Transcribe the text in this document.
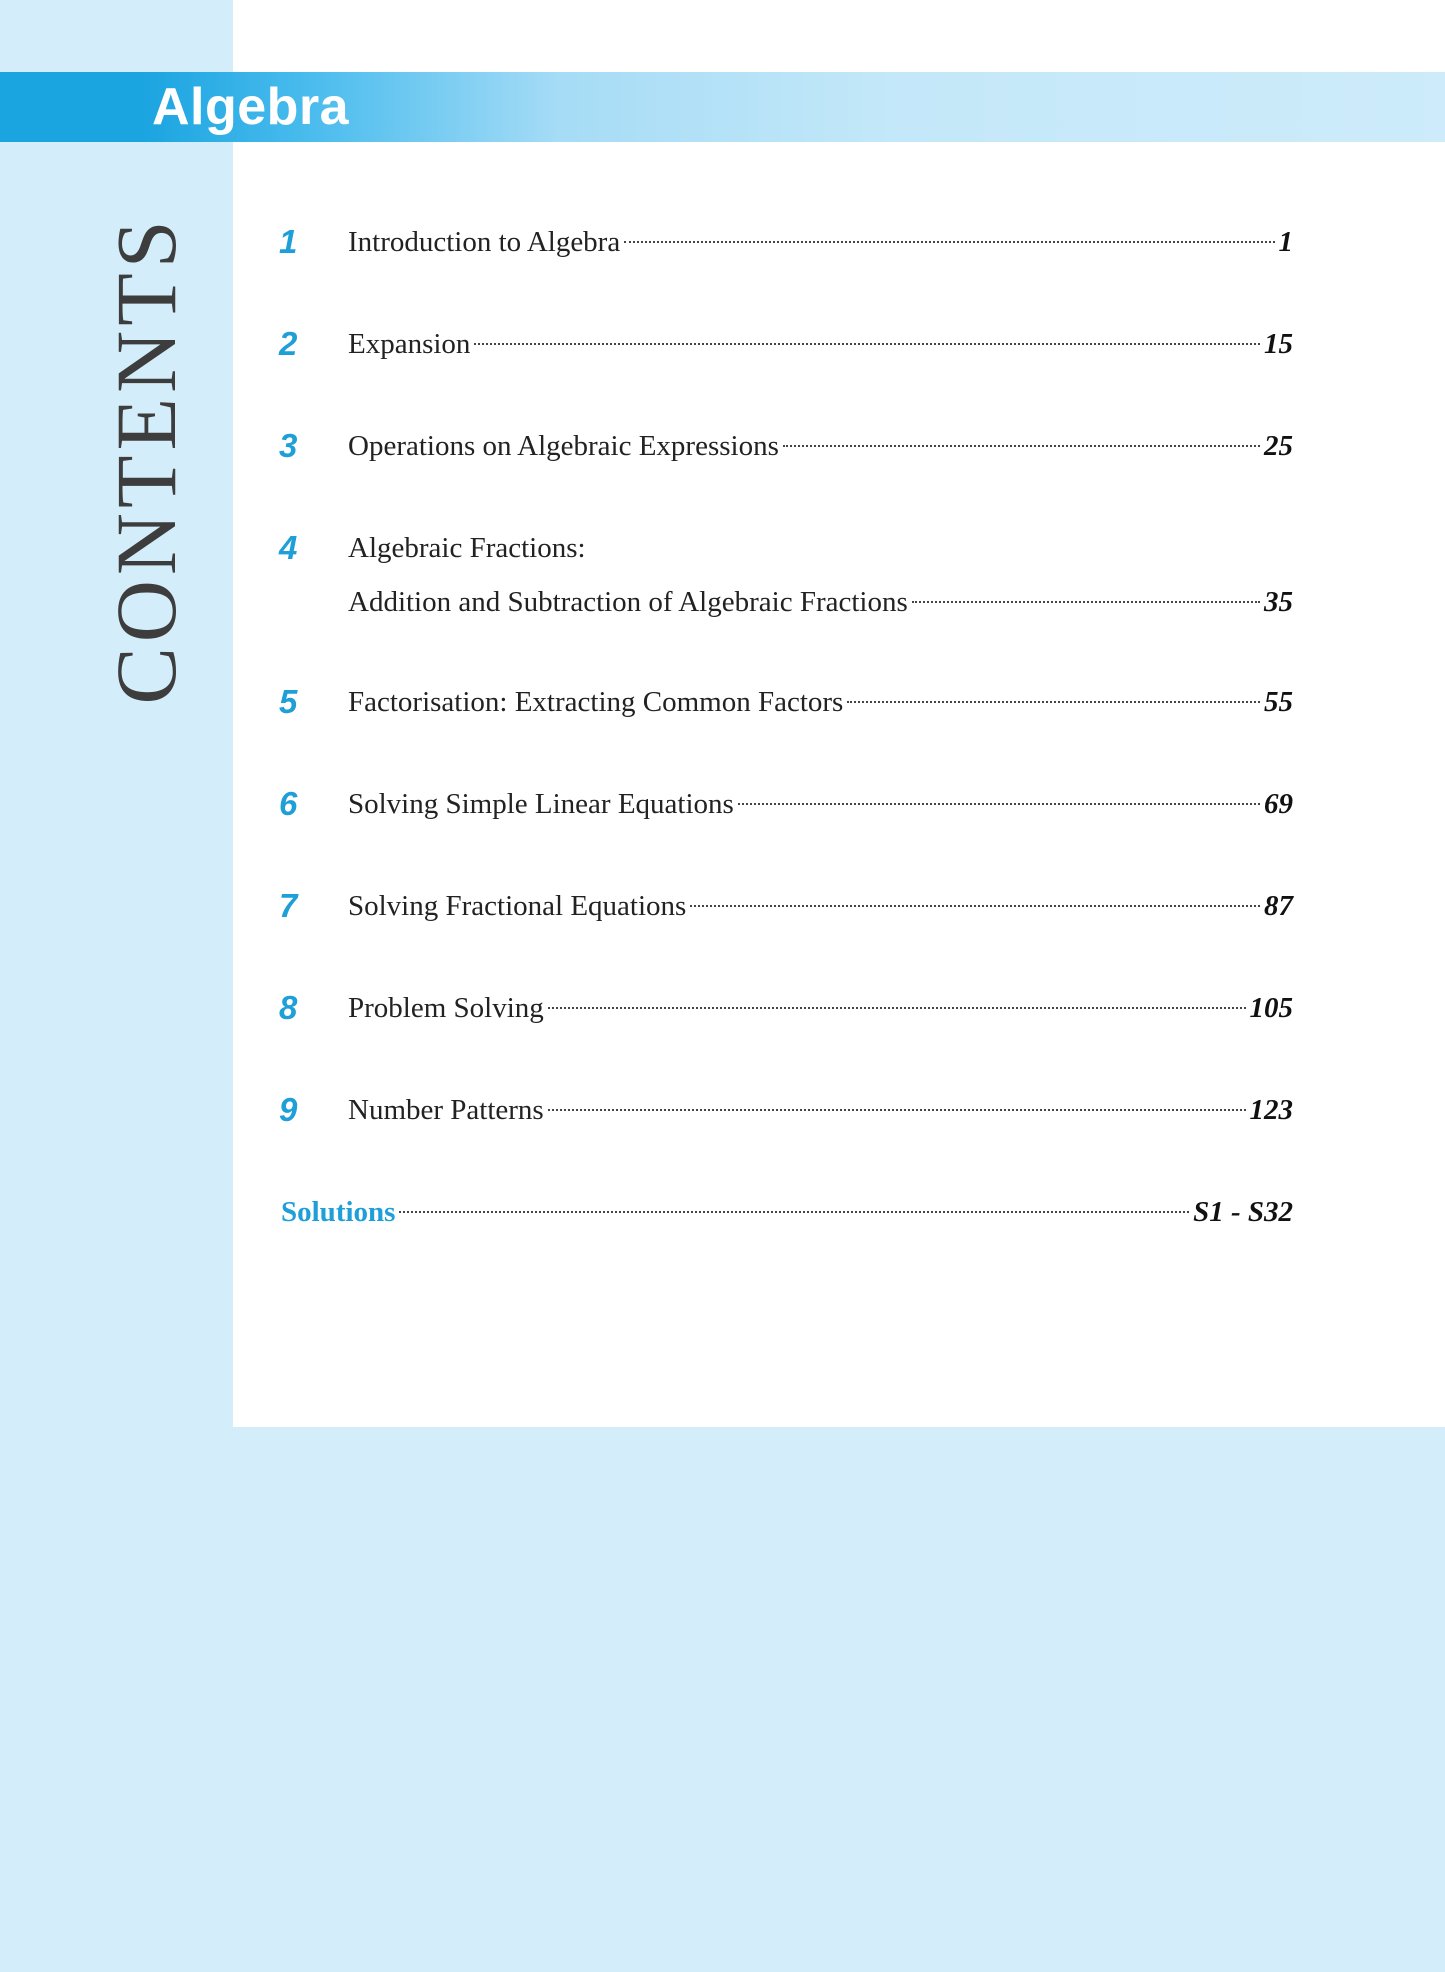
Algebra
CONTENTS	1	Introduction to Algebra	1
2	Expansion	15
3	Operations on Algebraic Expressions	25
4	Algebraic Fractions:
Addition and Subtraction of Algebraic Fractions	35
5	Factorisation: Extracting Common Factors	55
6	Solving Simple Linear Equations	69
7	Solving Fractional Equations	87
8	Problem Solving	105
9	Number Patterns	123
Solutions	S1 - S32
